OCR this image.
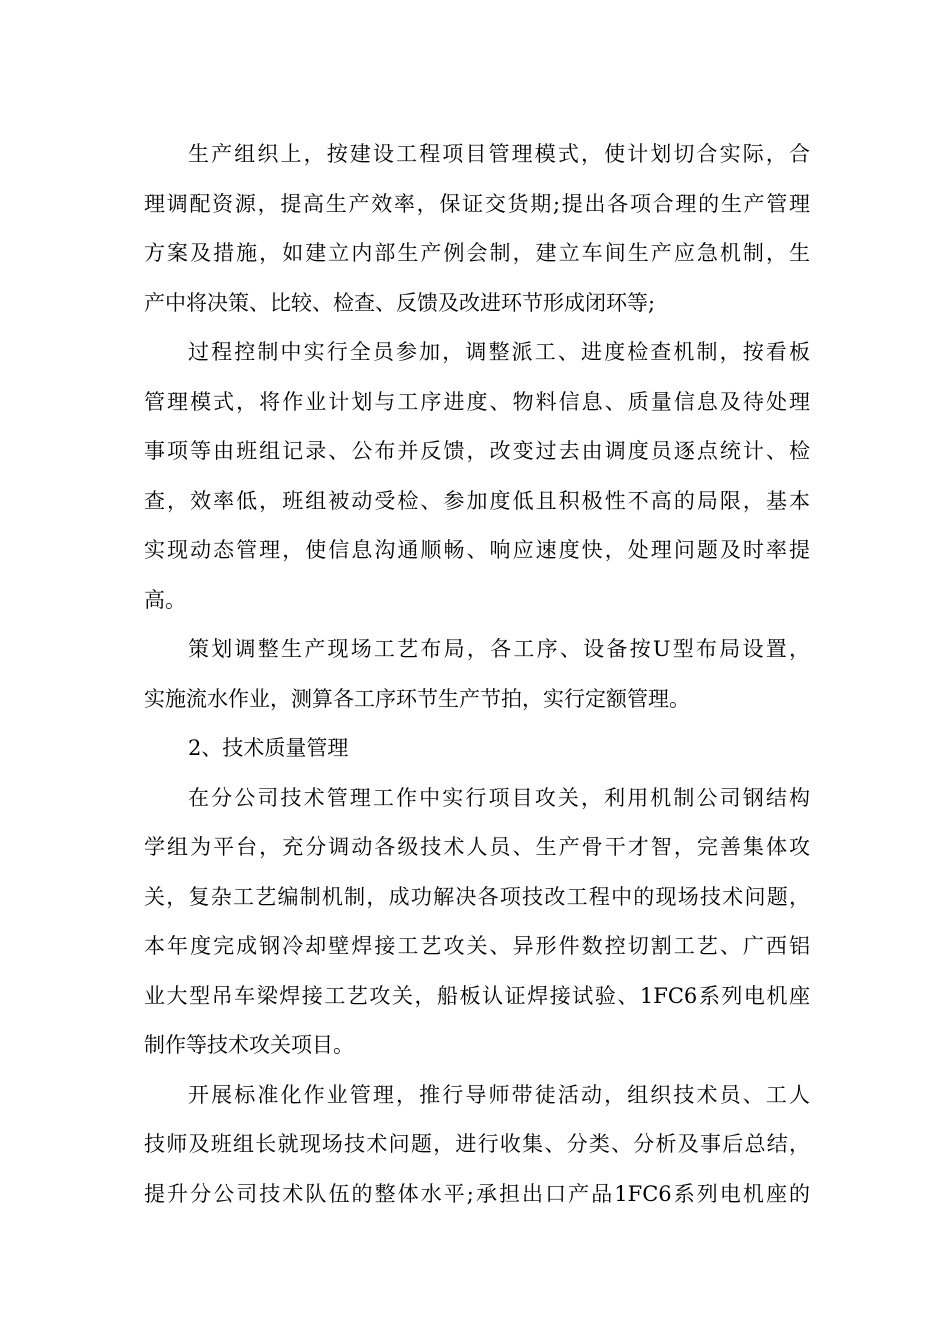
生产组织上，按建设工程项目管理模式，使计划切合实际，合
理调配资源，提高生产效率，保证交货期;提出各项合理的生产管理
方案及措施，如建立内部生产例会制，建立车间生产应急机制，生
产中将决策、比较、检查、反馈及改进环节形成闭环等;

过程控制中实行全员参加，调整派工、进度检查机制，按看板
管理模式，将作业计划与工序进度、物料信息、质量信息及待处理
事项等由班组记录、公布并反馈，改变过去由调度员逐点统计、检
查，效率低，班组被动受检、参加度低且积极性不高的局限，基本
实现动态管理，使信息沟通顺畅、响应速度快，处理问题及时率提
高。

策划调整生产现场工艺布局，各工序、设备按U型布局设置，
实施流水作业，测算各工序环节生产节拍，实行定额管理。

2、技术质量管理

在分公司技术管理工作中实行项目攻关，利用机制公司钢结构
学组为平台，充分调动各级技术人员、生产骨干才智，完善集体攻
关，复杂工艺编制机制，成功解决各项技改工程中的现场技术问题，
本年度完成钢冷却壁焊接工艺攻关、异形件数控切割工艺、广西铝
业大型吊车梁焊接工艺攻关，船板认证焊接试验、1FC6系列电机座
制作等技术攻关项目。

开展标准化作业管理，推行导师带徒活动，组织技术员、工人
技师及班组长就现场技术问题，进行收集、分类、分析及事后总结，
提升分公司技术队伍的整体水平;承担出口产品1FC6系列电机座的
